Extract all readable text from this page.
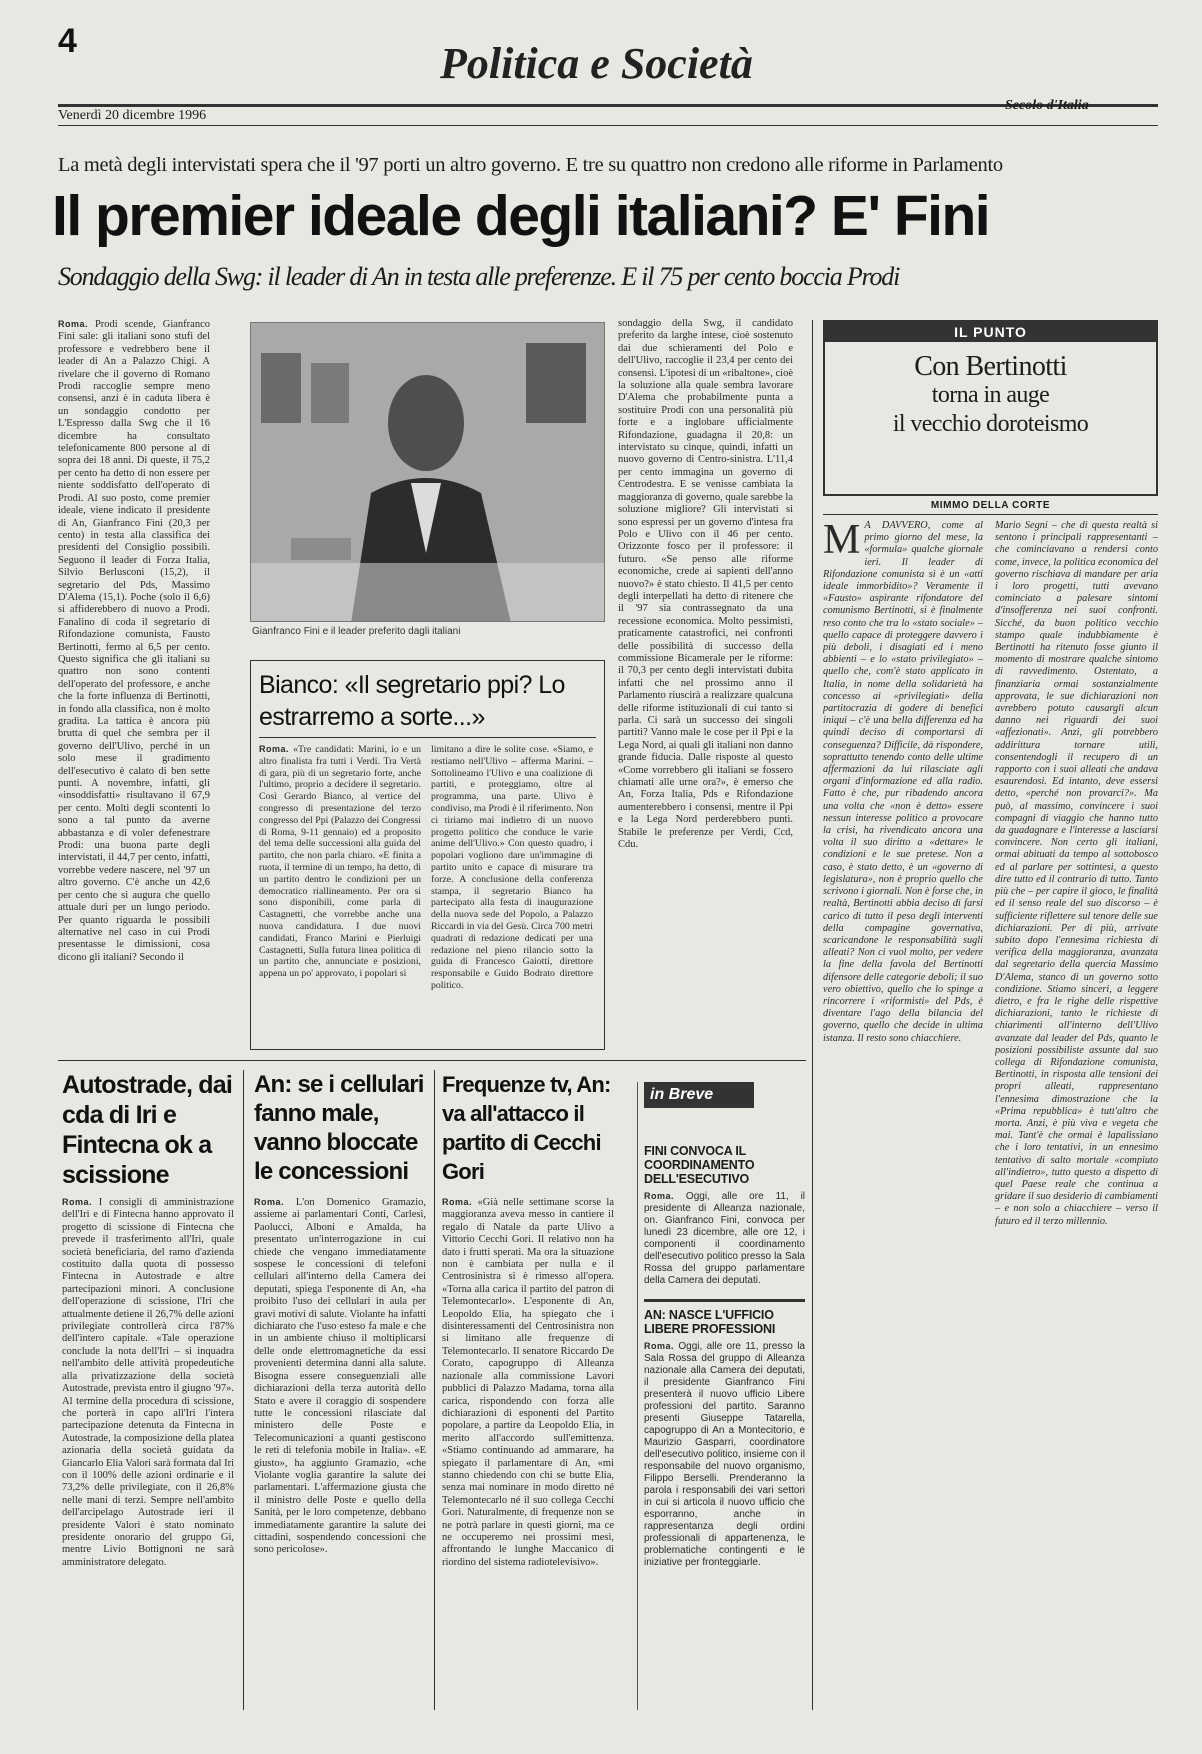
4	Politica e Società
Venerdì 20 dicembre 1996
Secolo d'Italia
La metà degli intervistati spera che il '97 porti un altro governo. E tre su quattro non credono alle riforme in Parlamento
Il premier ideale degli italiani? E' Fini
Sondaggio della Swg: il leader di An in testa alle preferenze. E il 75 per cento boccia Prodi
Roma. Prodi scende, Gianfranco Fini sale: gli italiani sono stufi del professore e vedrebbero bene il leader di An a Palazzo Chigi. A rivelare che il governo di Romano Prodi raccoglie sempre meno consensi, anzi è in caduta libera è un sondaggio condotto per L'Espresso dalla Swg che il 16 dicembre ha consultato telefonicamente 800 persone al di sopra dei 18 anni. Di queste, il 75,2 per cento ha detto di non essere per niente soddisfatto dell'operato di Prodi. Al suo posto, come premier ideale, viene indicato il presidente di An, Gianfranco Fini (20,3 per cento) in testa alla classifica dei presidenti del Consiglio possibili. Seguono il leader di Forza Italia, Silvio Berlusconi (15,2), il segretario del Pds, Massimo D'Alema (15,1). Poche (solo il 6,6) si affiderebbero di nuovo a Prodi. Fanalino di coda il segretario di Rifondazione comunista, Fausto Bertinotti, fermo al 6,5 per cento. Questo significa che gli italiani su quattro non sono contenti dell'operato del professore, e anche che la forte influenza di Bertinotti, in fondo alla classifica, non è molto gradita. La tattica è ancora più brutta di quel che sembra per il governo dell'Ulivo, perché in un solo mese il gradimento dell'esecutivo è calato di ben sette punti. A novembre, infatti, gli «insoddisfatti» risultavano il 67,9 per cento. Molti degli scontenti lo sono a tal punto da averne abbastanza e di voler defenestrare Prodi: una buona parte degli intervistati, il 44,7 per cento, infatti, vorrebbe vedere nascere, nel '97 un altro governo. C'è anche un 42,6 per cento che si augura che quello attuale duri per un lungo periodo. Per quanto riguarda le possibili alternative nel caso in cui Prodi presentasse le dimissioni, cosa dicono gli italiani? Secondo il
Gianfranco Fini e il leader preferito dagli italiani
sondaggio della Swg, il candidato preferito da larghe intese, cioè sostenuto dai due schieramenti del Polo e dell'Ulivo, raccoglie il 23,4 per cento dei consensi. L'ipotesi di un «ribaltone», cioè la soluzione alla quale sembra lavorare D'Alema che probabilmente punta a sostituire Prodi con una personalità più forte e a inglobare ufficialmente Rifondazione, guadagna il 20,8: un intervistato su cinque, quindi, infatti un nuovo governo di Centro-sinistra. L'11,4 per cento immagina un governo di Centrodestra. E se venisse cambiata la maggioranza di governo, quale sarebbe la soluzione migliore? Gli intervistati si sono espressi per un governo d'intesa fra Polo e Ulivo con il 46 per cento. Orizzonte fosco per il professore: il futuro. «Se penso alle riforme economiche, crede ai sapienti dell'anno nuovo?» è stato chiesto. Il 41,5 per cento degli interpellati ha detto di ritenere che il '97 sia contrassegnato da una recessione economica. Molto pessimisti, praticamente catastrofici, nei confronti delle possibilità di successo della commissione Bicamerale per le riforme: il 70,3 per cento degli intervistati dubita infatti che nel prossimo anno il Parlamento riuscirà a realizzare qualcuna delle riforme istituzionali di cui tanto si parla. Ci sarà un successo dei singoli partiti? Vanno male le cose per il Ppi e la Lega Nord, ai quali gli italiani non danno grande fiducia. Dalle risposte al questo «Come vorrebbero gli italiani se fossero chiamati alle urne ora?», è emerso che An, Forza Italia, Pds e Rifondazione aumenterebbero i consensi, mentre il Ppi e la Lega Nord perderebbero punti. Stabile le preferenze per Verdi, Ccd, Cdu.
Bianco: «Il segretario ppi? Lo estrarremo a sorte...»
Roma. «Tre candidati: Marini, io e un altro finalista fra tutti i Verdi. Tra Vertà di gara, più di un segretario forte, anche l'ultimo, proprio a decidere il segretario. Così Gerardo Bianco, al vertice del congresso di presentazione del terzo congresso del Ppi (Palazzo dei Congressi di Roma, 9-11 gennaio) ed a proposito del tema delle successioni alla guida del partito, che non parla chiaro. «E finita a ruota, il termine di un tempo, ha detto, di un partito dentro le condizioni per un democratico riallineamento. Per ora si sono disponibili, come parla di Castagnetti, che vorrebbe anche una nuova candidatura. I due nuovi candidati, Franco Marini e Pierluigi Castagnetti, Sulla futura linea politica di un partito che, annunciate e posizioni, appena un po' approvato, i popolari si
limitano a dire le solite cose. «Siamo, e restiamo nell'Ulivo – afferma Marini. – Sottolineamo l'Ulivo e una coalizione di partiti, e proteggiamo, oltre al programma, una parte. Ulivo è condiviso, ma Prodi è il riferimento. Non ci tiriamo mai indietro di un nuovo progetto politico che conduce le varie anime dell'Ulivo.» Con questo quadro, i popolari vogliono dare un'immagine di partito unito e capace di misurare tra forze. A conclusione della conferenza stampa, il segretario Bianco ha partecipato alla festa di inaugurazione della nuova sede del Popolo, a Palazzo Riccardi in via del Gesù. Circa 700 metri quadrati di redazione dedicati per una redazione nel pieno rilancio sotto la guida di Francesco Gaiotti, direttore responsabile e Guido Bodrato direttore politico.
IL PUNTO
Con Bertinotti
torna in auge
il vecchio doroteismo
MIMMO DELLA CORTE
M A DAVVERO, come al primo giorno del mese, la «formula» qualche giornale ieri. Il leader di Rifondazione comunista si è un «atti ideale immorbidito»? Veramente il «Fausto» aspirante rifondatore del comunismo Bertinotti, si è finalmente reso conto che tra lo «stato sociale» – quello capace di proteggere davvero i più deboli, i disagiati ed i meno abbienti – e lo «stato privilegiato» – quello che, com'è stato applicato in Italia, in nome della solidarietà ha concesso ai «privilegiati» della partitocrazia di godere di benefici iniqui – c'è una bella differenza ed ha quindi deciso di comportarsi di conseguenza? Difficile, dà rispondere, soprattutto tenendo conto delle ultime affermazioni da lui rilasciate agli organi d'informazione ed alla radio. Fatto è che, pur ribadendo ancora una volta che «non è detto» essere nessun interesse politico a provocare la crisi, ha rivendicato ancora una volta il suo diritto a «dettare» le condizioni e le sue pretese. Non a caso, è stato detto, è un «governo di legislatura», non è proprio quello che scrivono i giornali. Non è forse che, in realtà, Bertinotti abbia deciso di farsi carico di tutto il peso degli interventi della compagine governativa, scaricandone le responsabilità sugli alleati? Non ci vuol molto, per vedere la fine della favola del Bertinotti difensore delle categorie deboli; il suo vero obiettivo, quello che lo spinge a rincorrere i «riformisti» del Pds, è diventare l'ago della bilancia del governo, quello che decide in ultima istanza. Il resto sono chiacchiere.
Mario Segni – che di questa realtà si sentono i principali rappresentanti – che cominciavano a rendersi conto come, invece, la politica economica del governo rischiava di mandare per aria i loro progetti, tutti avevano cominciato a palesare sintomi d'insofferenza nei suoi confronti. Sicché, da buon politico vecchio stampo quale indubbiamente è Bertinotti ha ritenuto fosse giunto il momento di mostrare qualche sintomo di ravvedimento. Ostentato, a finanziaria ormai sostanzialmente approvata, le sue dichiarazioni non avrebbero potuto causargli alcun danno nei riguardi dei suoi «affezionati». Anzi, gli potrebbero addirittura tornare utili, consentendogli il recupero di un rapporto con i suoi alleati che andava esaurendosi. Ed intanto, deve essersi detto, «perché non provarci?». Ma può, al massimo, convincere i suoi compagni di viaggio che hanno tutto da guadagnare e l'interesse a lasciarsi convincere. Non certo gli italiani, ormai abituati da tempo al sottobosco ed al parlare per sottintesi, a questo dire tutto ed il contrario di tutto. Tanto più che – per capire il gioco, le finalità ed il senso reale del suo discorso – è sufficiente riflettere sul tenore delle sue dichiarazioni. Per di più, arrivate subito dopo l'ennesima richiesta di verifica della maggioranza, avanzata dal segretario della quercia Massimo D'Alema, stanco di un governo sotto condizione. Stiamo sinceri, a leggere dietro, e fra le righe delle rispettive dichiarazioni, tanto le richieste di chiarimenti all'interno dell'Ulivo avanzate dal leader del Pds, quanto le posizioni possibiliste assunte dal suo collega di Rifondazione comunista, Bertinotti, in risposta alle tensioni dei propri alleati, rappresentano l'ennesima dimostrazione che la «Prima repubblica» è tutt'altro che morta. Anzi, è più viva e vegeta che mai. Tant'è che ormai è lapalissiano che i loro tentativi, in un ennesimo tentativo di salto mortale «compiuto all'indietro», tutto questo a dispetto di quel Paese reale che continua a gridare il suo desiderio di cambiamenti – e non solo a chiacchiere – verso il futuro ed il terzo millennio.
Autostrade, dai cda di Iri e Fintecna ok a scissione
Roma. I consigli di amministrazione dell'Iri e di Fintecna hanno approvato il progetto di scissione di Fintecna che prevede il trasferimento all'Iri, quale società beneficiaria, del ramo d'azienda costituito dalla quota di possesso Fintecna in Autostrade e altre partecipazioni minori. A conclusione dell'operazione di scissione, l'Iri che attualmente detiene il 26,7% delle azioni privilegiate controllerà circa l'87% dell'intero capitale. «Tale operazione conclude la nota dell'Iri – si inquadra nell'ambito delle attività propedeutiche alla privatizzazione della società Autostrade, prevista entro il giugno '97». Al termine della procedura di scissione, che porterà in capo all'Iri l'intera partecipazione detenuta da Fintecna in Autostrade, la composizione della platea azionaria della società guidata da Giancarlo Elia Valori sarà formata dal Iri con il 100% delle azioni ordinarie e il 73,2% delle privilegiate, con il 26,8% nelle mani di terzi. Sempre nell'ambito dell'arcipelago Autostrade ieri il presidente Valori è stato nominato presidente onorario del gruppo Gi, mentre Livio Bottignoni ne sarà amministratore delegato.
An: se i cellulari fanno male, vanno bloccate le concessioni
Roma. L'on Domenico Gramazio, assieme ai parlamentari Conti, Carlesi, Paolucci, Alboni e Amalda, ha presentato un'interrogazione in cui chiede che vengano immediatamente sospese le concessioni di telefoni cellulari all'interno della Camera dei deputati, spiega l'esponente di An, «ha proibito l'uso dei cellulari in aula per gravi motivi di salute. Violante ha infatti dichiarato che l'uso esteso fa male e che in un ambiente chiuso il moltiplicarsi delle onde elettromagnetiche da essi provenienti determina danni alla salute. Bisogna essere conseguenziali alle dichiarazioni della terza autorità dello Stato e avere il coraggio di sospendere tutte le concessioni rilasciate dal ministero delle Poste e Telecomunicazioni a quanti gestiscono le reti di telefonia mobile in Italia». «E giusto», ha aggiunto Gramazio, «che Violante voglia garantire la salute dei parlamentari. L'affermazione giusta che il ministro delle Poste e quello della Sanità, per le loro competenze, debbano immediatamente garantire la salute dei cittadini, sospendendo concessioni che sono pericolose».
Frequenze tv, An: va all'attacco il partito di Cecchi Gori
Roma. «Già nelle settimane scorse la maggioranza aveva messo in cantiere il regalo di Natale da parte Ulivo a Vittorio Cecchi Gori. Il relativo non ha dato i frutti sperati. Ma ora la situazione non è cambiata per nulla e il Centrosinistra si è rimesso all'opera. «Torna alla carica il partito del patron di Telemontecarlo». L'esponente di An, Leopoldo Elia, ha spiegato che i disinteressamenti del Centrosinistra non si limitano alle frequenze di Telemontecarlo. Il senatore Riccardo De Corato, capogruppo di Alleanza nazionale alla commissione Lavori pubblici di Palazzo Madama, torna alla carica, rispondendo con forza alle dichiarazioni di esponenti del Partito popolare, a partire da Leopoldo Elia, in merito all'accordo sull'emittenza. «Stiamo continuando ad ammarare, ha spiegato il parlamentare di An, «mi stanno chiedendo con chi se butte Elia, senza mai nominare in modo diretto né Telemontecarlo né il suo collega Cecchi Gori. Naturalmente, di frequenze non se ne potrà parlare in questi giorni, ma ce ne occuperemo nei prossimi mesi, affrontando le lunghe Maccanico di riordino del sistema radiotelevisivo».
in Breve
FINI CONVOCA IL COORDINAMENTO DELL'ESECUTIVO
Roma. Oggi, alle ore 11, il presidente di Alleanza nazionale, on. Gianfranco Fini, convoca per lunedì 23 dicembre, alle ore 12, i componenti il coordinamento dell'esecutivo politico presso la Sala Rossa del gruppo parlamentare della Camera dei deputati.
AN: NASCE L'UFFICIO LIBERE PROFESSIONI
Roma. Oggi, alle ore 11, presso la Sala Rossa del gruppo di Alleanza nazionale alla Camera dei deputati, il presidente Gianfranco Fini presenterà il nuovo ufficio Libere professioni del partito. Saranno presenti Giuseppe Tatarella, capogruppo di An a Montecitorio, e Maurizio Gasparri, coordinatore dell'esecutivo politico, insieme con il responsabile del nuovo organismo, Filippo Berselli. Prenderanno la parola i responsabili dei vari settori in cui si articola il nuovo ufficio che esporranno, anche in rappresentanza degli ordini professionali di appartenenza, le problematiche contingenti e le iniziative per fronteggiarle.
